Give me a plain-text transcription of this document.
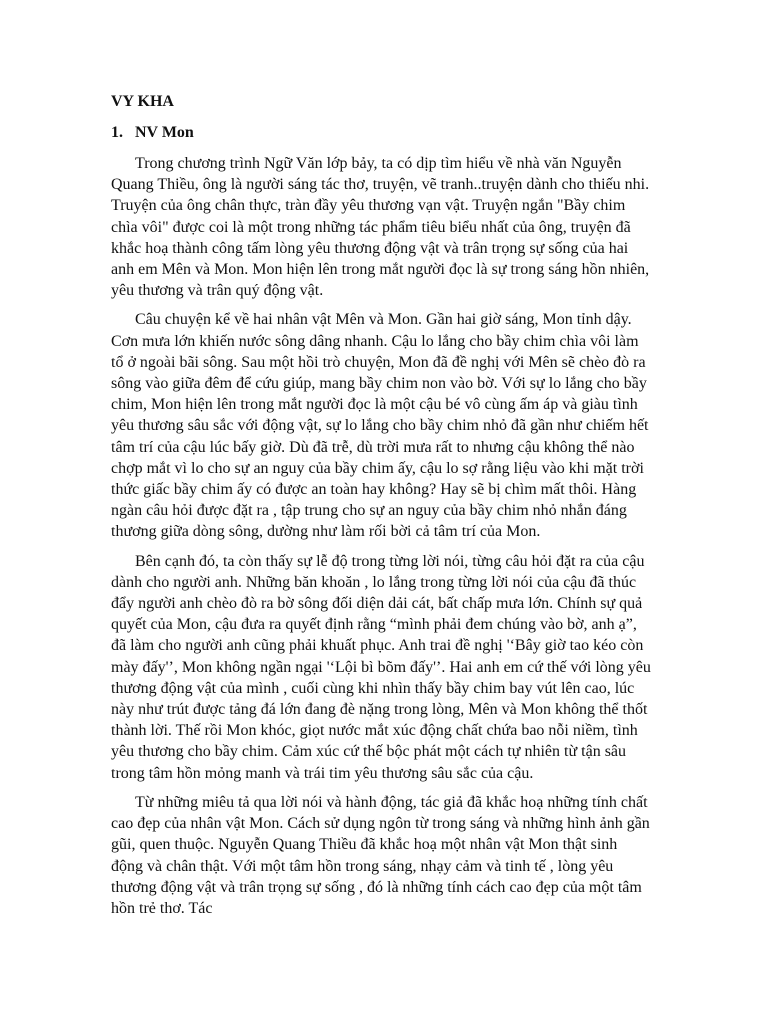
VY KHA
1. NV Mon

Trong chương trình Ngữ Văn lớp bảy, ta có dịp tìm hiểu về nhà văn Nguyễn Quang Thiều, ông là người sáng tác thơ, truyện, vẽ tranh..truyện dành cho thiếu nhi. Truyện của ông chân thực, tràn đầy yêu thương vạn vật. Truyện ngắn "Bầy chim chìa vôi" được coi là một trong những tác phẩm tiêu biểu nhất của ông, truyện đã khắc hoạ thành công tấm lòng yêu thương động vật và trân trọng sự sống của hai anh em Mên và Mon. Mon hiện lên trong mắt người đọc là sự trong sáng hồn nhiên, yêu thương và trân quý động vật.

Câu chuyện kể về hai nhân vật Mên và Mon. Gần hai giờ sáng, Mon tỉnh dậy. Cơn mưa lớn khiến nước sông dâng nhanh. Cậu lo lắng cho bầy chim chìa vôi làm tổ ở ngoài bãi sông. Sau một hồi trò chuyện, Mon đã đề nghị với Mên sẽ chèo đò ra sông vào giữa đêm để cứu giúp, mang bầy chim non vào bờ. Với sự lo lắng cho bầy chim, Mon hiện lên trong mắt người đọc là một cậu bé vô cùng ấm áp và giàu tình yêu thương sâu sắc với động vật, sự lo lắng cho bầy chim nhỏ đã gần như chiếm hết tâm trí của cậu lúc bấy giờ. Dù đã trễ, dù trời mưa rất to nhưng cậu không thể nào chợp mắt vì lo cho sự an nguy của bầy chim ấy, cậu lo sợ rằng liệu vào khi mặt trời thức giấc bầy chim ấy có được an toàn hay không? Hay sẽ bị chìm mất thôi. Hàng ngàn câu hỏi được đặt ra , tập trung cho sự an nguy của bầy chim nhỏ nhắn đáng thương giữa dòng sông, dường như làm rối bời cả tâm trí của Mon.

Bên cạnh đó, ta còn thấy sự lễ độ trong từng lời nói, từng câu hỏi đặt ra của cậu dành cho người anh. Những băn khoăn , lo lắng trong từng lời nói của cậu đã thúc đẩy người anh chèo đò ra bờ sông đối diện dải cát, bất chấp mưa lớn. Chính sự quả quyết của Mon, cậu đưa ra quyết định rằng “mình phải đem chúng vào bờ, anh ạ”, đã làm cho người anh cũng phải khuất phục. Anh trai đề nghị '‘Bây giờ tao kéo còn mày đấy'’, Mon không ngần ngại '‘Lội bì bõm đấy'’. Hai anh em cứ thế với lòng yêu thương động vật của mình , cuối cùng khi nhìn thấy bầy chim bay vút lên cao, lúc này như trút được tảng đá lớn đang đè nặng trong lòng, Mên và Mon không thể thốt thành lời. Thế rồi Mon khóc, giọt nước mắt xúc động chất chứa bao nỗi niềm, tình yêu thương cho bầy chim. Cảm xúc cứ thế bộc phát một cách tự nhiên từ tận sâu trong tâm hồn mỏng manh và trái tim yêu thương sâu sắc của cậu.

Từ những miêu tả qua lời nói và hành động, tác giả đã khắc hoạ những tính chất cao đẹp của nhân vật Mon. Cách sử dụng ngôn từ trong sáng và những hình ảnh gần gũi, quen thuộc. Nguyễn Quang Thiều đã khắc hoạ một nhân vật Mon thật sinh động và chân thật. Với một tâm hồn trong sáng, nhạy cảm và tinh tế , lòng yêu thương động vật và trân trọng sự sống , đó là những tính cách cao đẹp của một tâm hồn trẻ thơ. Tác
